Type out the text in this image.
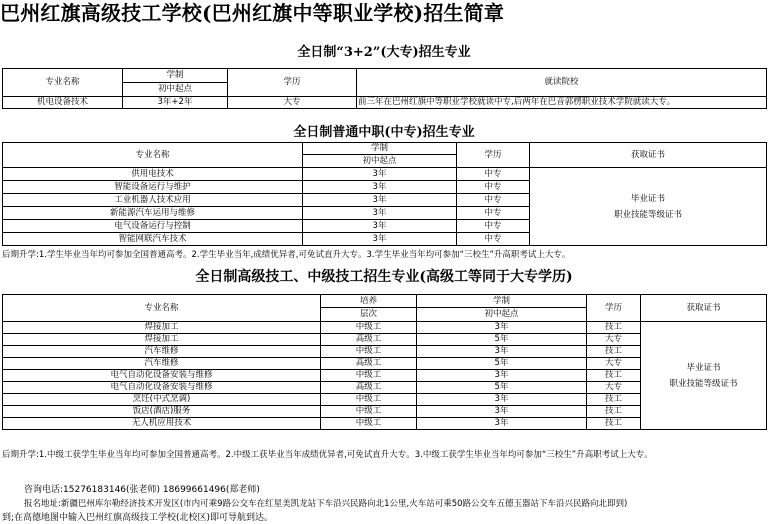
巴州红旗高级技工学校(巴州红旗中等职业学校)招生简章
全日制“3+2”(大专)招生专业
专业名称	学制
初中起点	学历	就读院校
机电设备技术	3年+2年	大专	前三年在巴州红旗中等职业学校就读中专,后两年在巴音郭楞职业技术学院就读大专。
全日制普通中职(中专)招生专业
专业名称	学制
初中起点	学历	获取证书
供用电技术	3年	中专	毕业证书
职业技能等级证书

智能设备运行与维护	3年	中专	
工业机器人技术应用	3年	中专	
新能源汽车运用与维修	3年	中专	
电气设备运行与控制	3年	中专	
智能网联汽车技术	3年	中专	
后期升学:1.学生毕业当年均可参加全国普通高考。2.学生毕业当年,成绩优异者,可免试直升大专。3.学生毕业当年均可参加“三校生”升高职考试上大专。
全日制高级技工、中级技工招生专业(高级工等同于大专学历)
专业名称	培养
层次	学制
初中起点	学历	获取证书
焊接加工	中级工	3年	技工	毕业证书
职业技能等级证书

焊接加工	高级工	5年	大专	
汽车维修	中级工	3年	技工	
汽车维修	高级工	5年	大专	
电气自动化设备安装与维修	中级工	3年	技工	
电气自动化设备安装与维修	高级工	5年	大专	
烹饪(中式烹调)	中级工	3年	技工	
饭店(酒店)服务	中级工	3年	技工	
无人机应用技术	中级工	3年	技工	
后期升学:1.中级工获学生毕业当年均可参加全国普通高考。2.中级工获毕业当年成绩优异者,可免试直升大专。3.中级工获学生毕业当年均可参加“三校生”升高职考试上大专。
咨询电话:15276183146(张老师) 18699661496(郑老师)
报名地址:新疆巴州库尔勒经济技术开发区(市内可乘9路公交车在红星美凯龙站下车沿兴民路向北1公里,火车站可乘50路公交车五德玉器站下车沿兴民路向北即到)
到;在高德地图中输入巴州红旗高级技工学校(北校区)即可导航到达。
